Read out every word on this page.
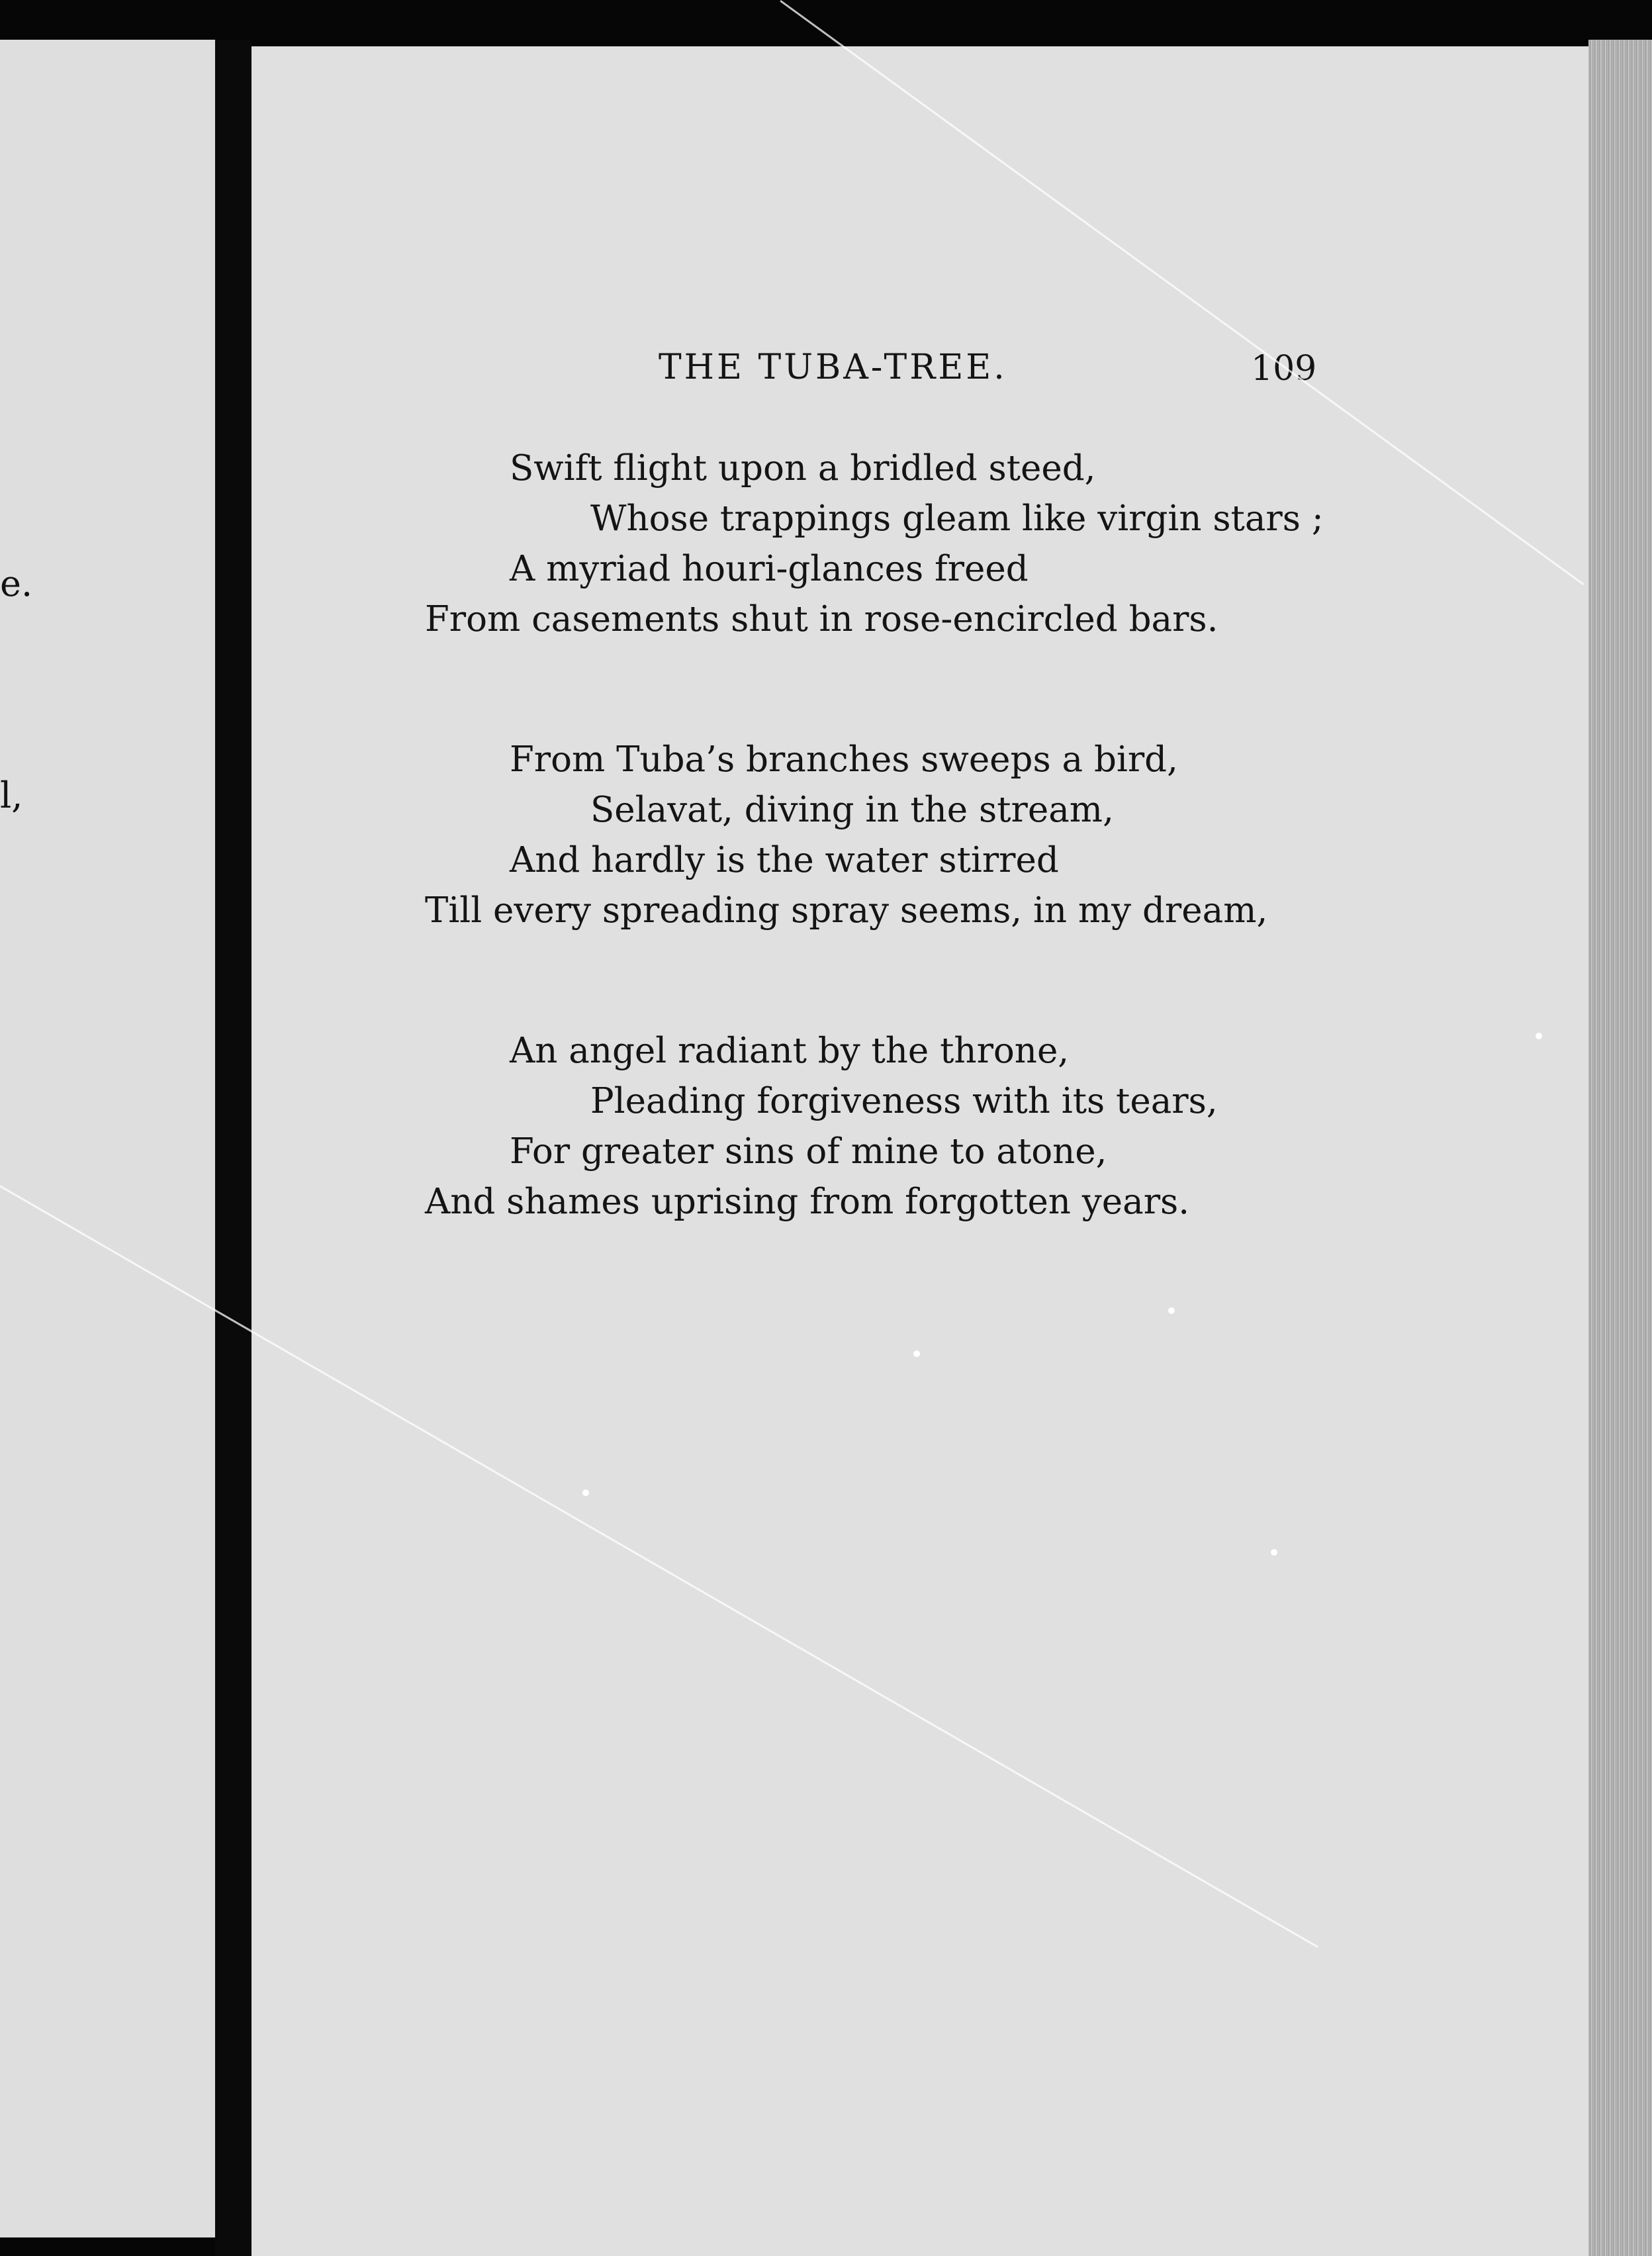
e.
l,
THE TUBA-TREE.	109
Swift flight upon a bridled steed,
Whose trappings gleam like virgin stars ;
A myriad houri-glances freed
From casements shut in rose-encircled bars.
From Tuba’s branches sweeps a bird,
Selavat, diving in the stream,
And hardly is the water stirred
Till every spreading spray seems, in my dream,
An angel radiant by the throne,
Pleading forgiveness with its tears,
For greater sins of mine to atone,
And shames uprising from forgotten years.
